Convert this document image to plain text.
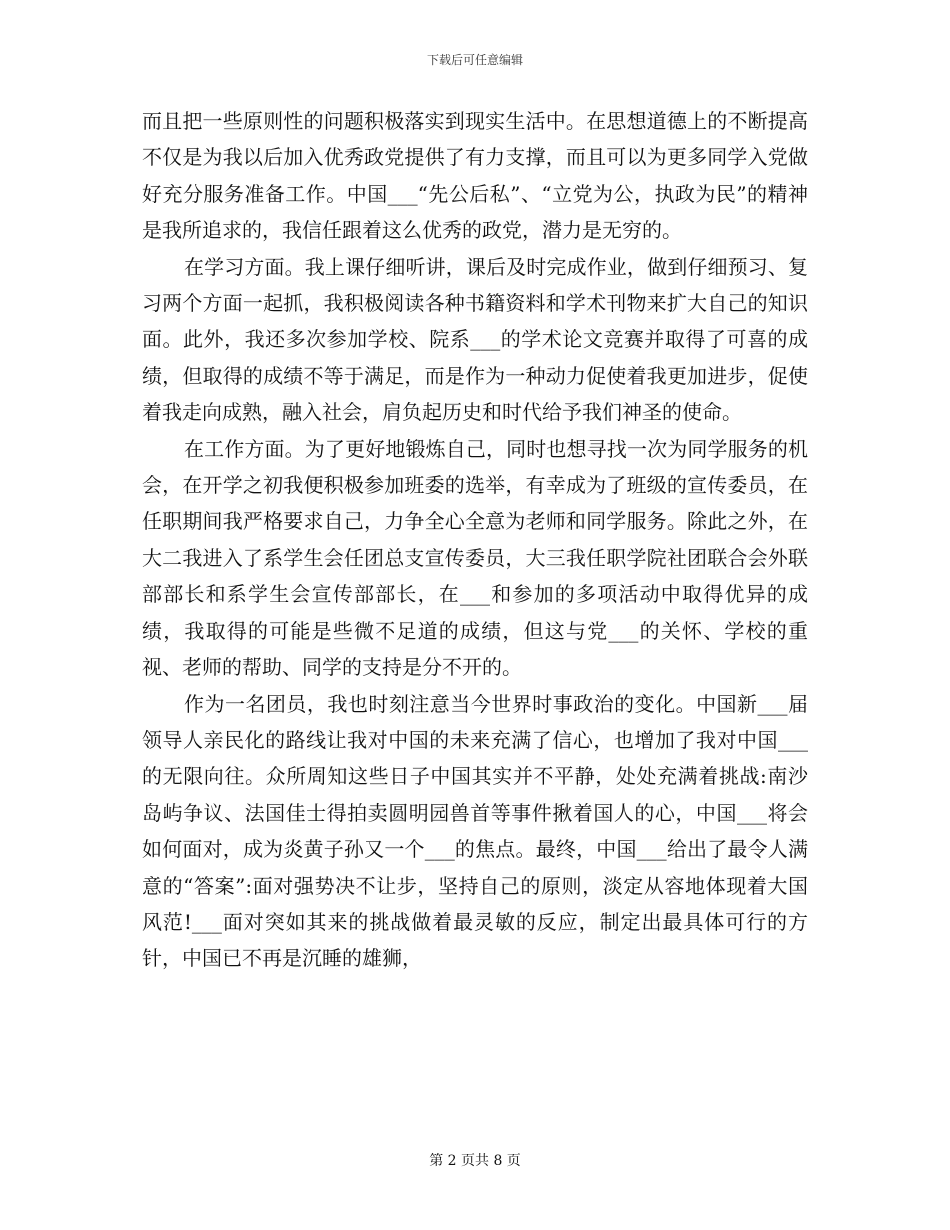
下载后可任意编辑

而且把一些原则性的问题积极落实到现实生活中。在思想道德上的不断提高不仅是为我以后加入优秀政党提供了有力支撑，而且可以为更多同学入党做好充分服务准备工作。中国___“先公后私”、“立党为公，执政为民”的精神是我所追求的，我信任跟着这么优秀的政党，潜力是无穷的。

在学习方面。我上课仔细听讲，课后及时完成作业，做到仔细预习、复习两个方面一起抓，我积极阅读各种书籍资料和学术刊物来扩大自己的知识面。此外，我还多次参加学校、院系___的学术论文竞赛并取得了可喜的成绩，但取得的成绩不等于满足，而是作为一种动力促使着我更加进步，促使着我走向成熟，融入社会，肩负起历史和时代给予我们神圣的使命。

在工作方面。为了更好地锻炼自己，同时也想寻找一次为同学服务的机会，在开学之初我便积极参加班委的选举，有幸成为了班级的宣传委员，在任职期间我严格要求自己，力争全心全意为老师和同学服务。除此之外，在大二我进入了系学生会任团总支宣传委员，大三我任职学院社团联合会外联部部长和系学生会宣传部部长，在___和参加的多项活动中取得优异的成绩，我取得的可能是些微不足道的成绩，但这与党___的关怀、学校的重视、老师的帮助、同学的支持是分不开的。

作为一名团员，我也时刻注意当今世界时事政治的变化。中国新___届领导人亲民化的路线让我对中国的未来充满了信心，也增加了我对中国___的无限向往。众所周知这些日子中国其实并不平静，处处充满着挑战:南沙岛屿争议、法国佳士得拍卖圆明园兽首等事件揪着国人的心，中国___将会如何面对，成为炎黄子孙又一个___的焦点。最终，中国___给出了最令人满意的“答案”:面对强势决不让步，坚持自己的原则，淡定从容地体现着大国风范!___面对突如其来的挑战做着最灵敏的反应，制定出最具体可行的方针，中国已不再是沉睡的雄狮，

第 2 页共 8 页
